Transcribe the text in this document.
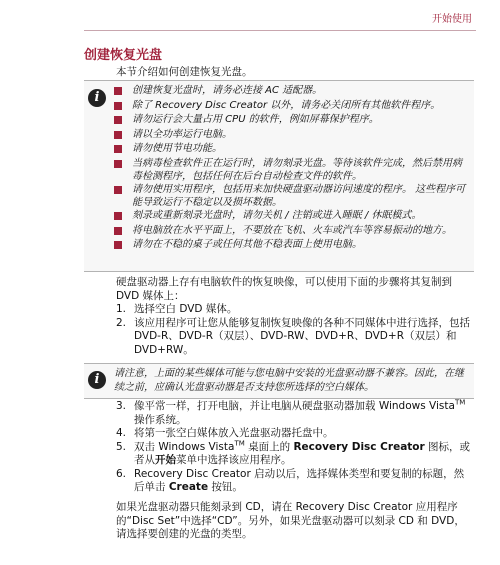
开始使用
创建恢复光盘
本节介绍如何创建恢复光盘。
i	创建恢复光盘时，请务必连接 AC 适配器。
除了 Recovery Disc Creator 以外，请务必关闭所有其他软件程序。
请勿运行会大量占用 CPU 的软件，例如屏幕保护程序。
请以全功率运行电脑。
请勿使用节电功能。
当病毒检查软件正在运行时，请勿刻录光盘。等待该软件完成，然后禁用病毒检测程序，包括任何在后台自动检查文件的软件。
请勿使用实用程序，包括用来加快硬盘驱动器访问速度的程序。 这些程序可能导致运行不稳定以及损坏数据。
刻录或重新刻录光盘时，请勿关机 / 注销或进入睡眠 / 休眠模式。
将电脑放在水平平面上，不要放在飞机、火车或汽车等容易振动的地方。
请勿在不稳的桌子或任何其他不稳表面上使用电脑。
硬盘驱动器上存有电脑软件的恢复映像，可以使用下面的步骤将其复制到 DVD 媒体上：
1. 选择空白 DVD 媒体。
2. 该应用程序可让您从能够复制恢复映像的各种不同媒体中进行选择，包括 DVD-R、DVD-R（双层）、DVD-RW、DVD+R、DVD+R（双层）和 DVD+RW。
i	请注意，上面的某些媒体可能与您电脑中安装的光盘驱动器不兼容。因此，在继续之前，应确认光盘驱动器是否支持您所选择的空白媒体。
3. 像平常一样，打开电脑，并让电脑从硬盘驱动器加载 Windows Vista™操作系统。
4. 将第一张空白媒体放入光盘驱动器托盘中。
5. 双击 Windows Vista™ 桌面上的 Recovery Disc Creator 图标，或者从开始菜单中选择该应用程序。
6. Recovery Disc Creator 启动以后，选择媒体类型和要复制的标题，然后单击 Create 按钮。
如果光盘驱动器只能刻录到 CD，请在 Recovery Disc Creator 应用程序的“Disc Set”中选择“CD”。另外，如果光盘驱动器可以刻录 CD 和 DVD，请选择要创建的光盘的类型。
